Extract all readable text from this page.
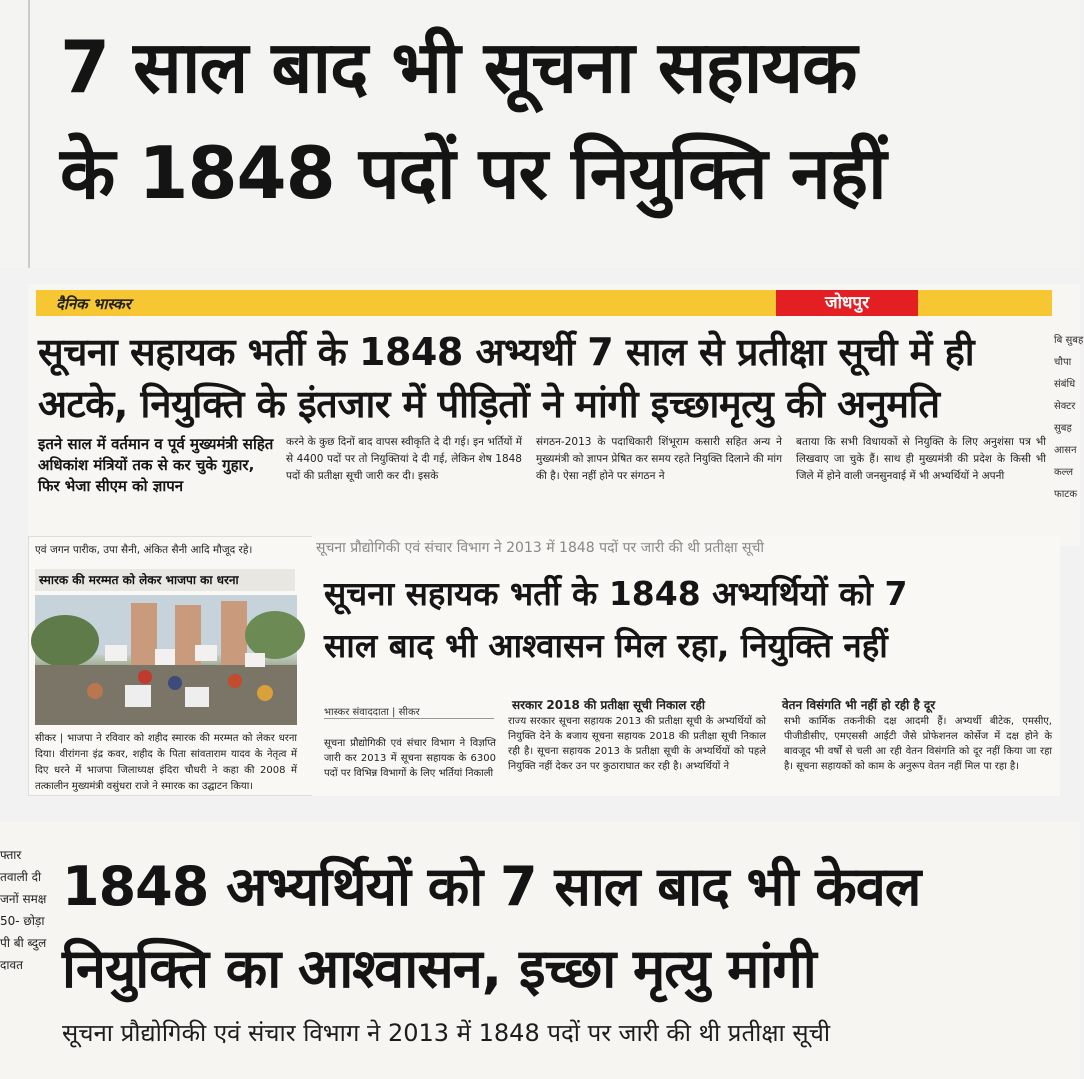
7 साल बाद भी सूचना सहायक
के 1848 पदों पर नियुक्ति नहीं
दैनिक भास्कर	जोधपुर
सूचना सहायक भर्ती के 1848 अभ्यर्थी 7 साल से प्रतीक्षा सूची में ही
अटके, नियुक्ति के इंतजार में पीड़ितों ने मांगी इच्छामृत्यु की अनुमति
इतने साल में वर्तमान व पूर्व मुख्यमंत्री सहित अधिकांश मंत्रियों तक से कर चुके गुहार, फिर भेजा सीएम को ज्ञापन
करने के कुछ दिनों बाद वापस स्वीकृति दे दी गई। इन भर्तियों में से 4400 पदों पर तो नियुक्तियां दे दी गई, लेकिन शेष 1848 पदों की प्रतीक्षा सूची जारी कर दी। इसके
संगठन-2013 के पदाधिकारी शिंभूराम कसारी सहित अन्य ने मुख्यमंत्री को ज्ञापन प्रेषित कर समय रहते नियुक्ति दिलाने की मांग की है। ऐसा नहीं होने पर संगठन ने
बताया कि सभी विधायकों से नियुक्ति के लिए अनुशंसा पत्र भी लिखवाए जा चुके हैं। साथ ही मुख्यमंत्री की प्रदेश के किसी भी जिले में होने वाली जनसुनवाई में भी अभ्यर्थियों ने अपनी
बि सुबह चौपा संबंधि सेक्टर सुबह आसन कल्ल फाटक
एवं जगन पारीक, उपा सैनी, अंकित सैनी आदि मौजूद रहे।
स्मारक की मरम्मत को लेकर भाजपा का धरना
सीकर | भाजपा ने रविवार को शहीद स्मारक की मरम्मत को लेकर धरना दिया। वीरांगना इंद्र कवर, शहीद के पिता सांवताराम यादव के नेतृत्व में दिए धरने में भाजपा जिलाध्यक्ष इंदिरा चौधरी ने कहा की 2008 में तत्कालीन मुख्यमंत्री वसुंधरा राजे ने स्मारक का उद्घाटन किया।
सूचना प्रौद्योगिकी एवं संचार विभाग ने 2013 में 1848 पदों पर जारी की थी प्रतीक्षा सूची
सूचना सहायक भर्ती के 1848 अभ्यर्थियों को 7
साल बाद भी आश्वासन मिल रहा, नियुक्ति नहीं
भास्कर संवाददाता | सीकर
सरकार 2018 की प्रतीक्षा सूची निकाल रही	वेतन विसंगति भी नहीं हो रही है दूर
सूचना प्रौद्योगिकी एवं संचार विभाग ने विज्ञप्ति जारी कर 2013 में सूचना सहायक के 6300 पदों पर विभिन्न विभागों के लिए भर्तियां निकाली
राज्य सरकार सूचना सहायक 2013 की प्रतीक्षा सूची के अभ्यर्थियों को नियुक्ति देने के बजाय सूचना सहायक 2018 की प्रतीक्षा सूची निकाल रही है। सूचना सहायक 2013 के प्रतीक्षा सूची के अभ्यर्थियों को पहले नियुक्ति नहीं देकर उन पर कुठाराघात कर रही है। अभ्यर्थियों ने
सभी कार्मिक तकनीकी दक्ष आदमी हैं। अभ्यर्थी बीटेक, एमसीए, पीजीडीसीए, एमएससी आईटी जैसे प्रोफेशनल कोर्सेज में दक्ष होने के बावजूद भी वर्षों से चली आ रही वेतन विसंगति को दूर नहीं किया जा रहा है। सूचना सहायकों को काम के अनुरूप वेतन नहीं मिल पा रहा है।
फ्तार तवाली दी जनों समक्ष 50- छोड़ा पी बी ब्दुल दावत
1848 अभ्यर्थियों को 7 साल बाद भी केवल
नियुक्ति का आश्वासन, इच्छा मृत्यु मांगी
सूचना प्रौद्योगिकी एवं संचार विभाग ने 2013 में 1848 पदों पर जारी की थी प्रतीक्षा सूची
